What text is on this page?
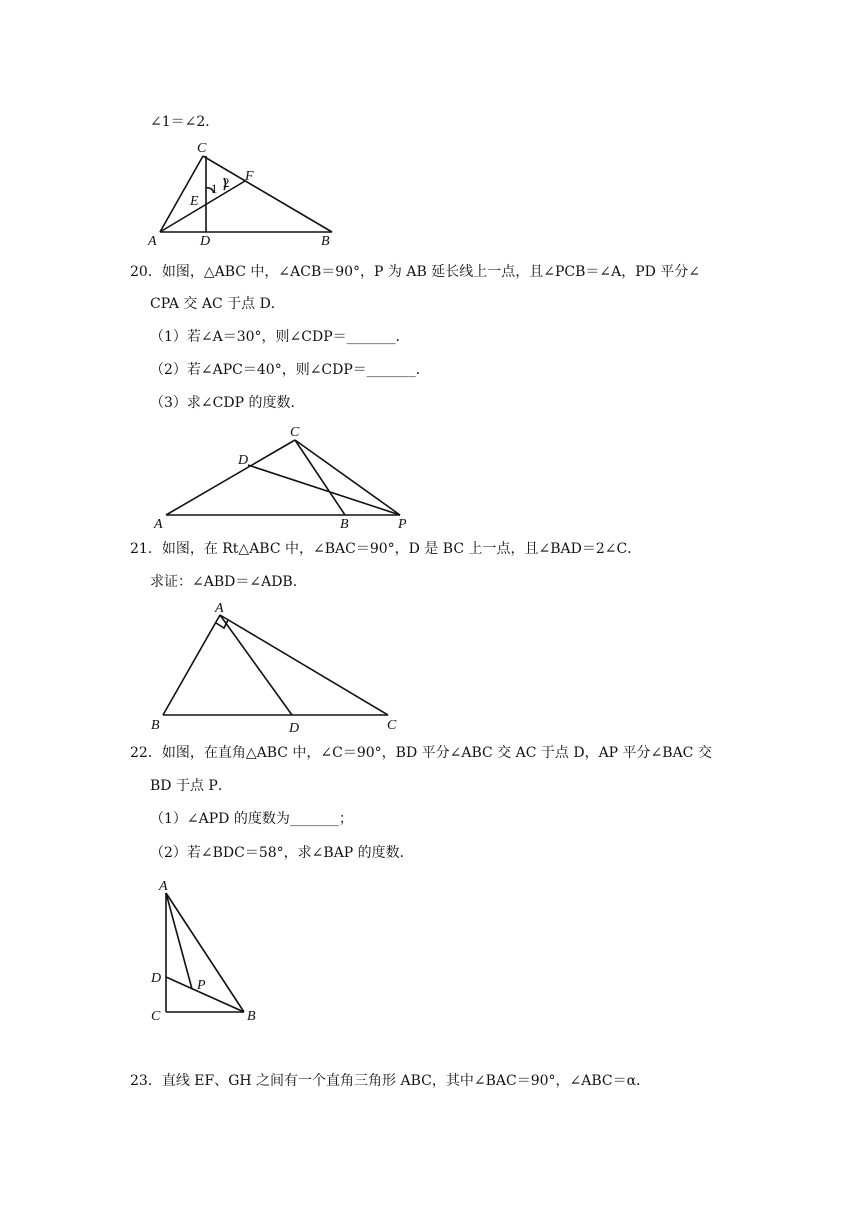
∠1＝∠2．
C
E
F
A	D	B
1 2
20．如图，△ABC 中，∠ACB＝90°，P 为 AB 延长线上一点，且∠PCB＝∠A，PD 平分∠
CPA 交 AC 于点 D．
（1）若∠A＝30°，则∠CDP＝_______．
（2）若∠APC＝40°，则∠CDP＝_______．
（3）求∠CDP 的度数．
C
D
A	B	P
21．如图，在 Rt△ABC 中，∠BAC＝90°，D 是 BC 上一点，且∠BAD＝2∠C．
求证：∠ABD＝∠ADB．
A
B	D	C
22．如图，在直角△ABC 中，∠C＝90°，BD 平分∠ABC 交 AC 于点 D，AP 平分∠BAC 交
BD 于点 P．
（1）∠APD 的度数为_______；
（2）若∠BDC＝58°，求∠BAP 的度数．
A
D	P
C	B
23．直线 EF、GH 之间有一个直角三角形 ABC，其中∠BAC＝90°，∠ABC＝α．
